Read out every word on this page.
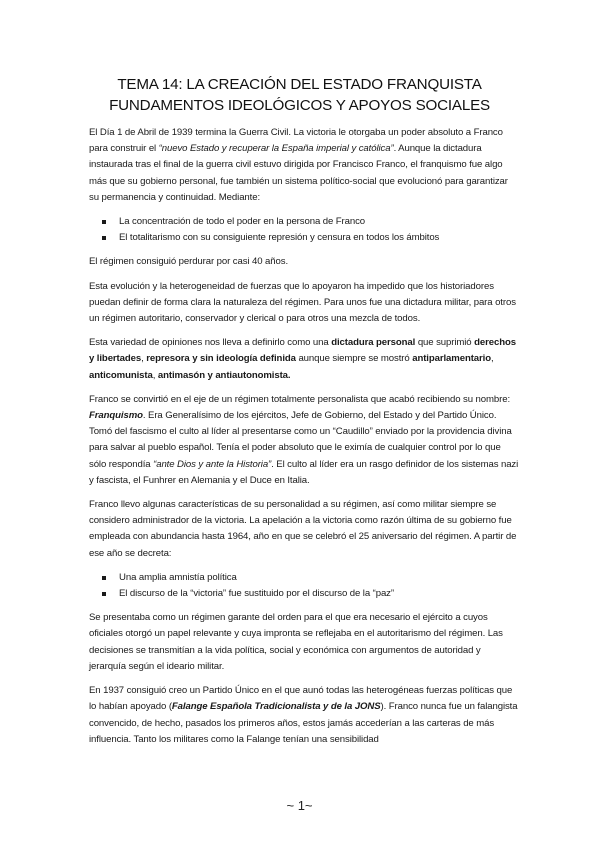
TEMA 14: LA CREACIÓN DEL ESTADO FRANQUISTA
FUNDAMENTOS IDEOLÓGICOS Y APOYOS SOCIALES

El Día 1 de Abril de 1939 termina la Guerra Civil. La victoria le otorgaba un poder absoluto a Franco para construir el “nuevo Estado y recuperar la España imperial y católica”. Aunque la dictadura instaurada tras el final de la guerra civil estuvo dirigida por Francisco Franco, el franquismo fue algo más que su gobierno personal, fue también un sistema político-social que evolucionó para garantizar su permanencia y continuidad. Mediante:

La concentración de todo el poder en la persona de Franco
El totalitarismo con su consiguiente represión y censura en todos los ámbitos

El régimen consiguió perdurar por casi 40 años.

Esta evolución y la heterogeneidad de fuerzas que lo apoyaron ha impedido que los historiadores puedan definir de forma clara la naturaleza del régimen. Para unos fue una dictadura militar, para otros un régimen autoritario, conservador y clerical o para otros una mezcla de todos.

Esta variedad de opiniones nos lleva a definirlo como una dictadura personal que suprimió derechos y libertades, represora y sin ideología definida aunque siempre se mostró antiparlamentario, anticomunista, antimasón y antiautonomista.

Franco se convirtió en el eje de un régimen totalmente personalista que acabó recibiendo su nombre: Franquismo. Era Generalísimo de los ejércitos, Jefe de Gobierno, del Estado y del Partido Único. Tomó del fascismo el culto al líder al presentarse como un “Caudillo” enviado por la providencia divina para salvar al pueblo español. Tenía el poder absoluto que le eximía de cualquier control por lo que sólo respondía “ante Dios y ante la Historia”. El culto al líder era un rasgo definidor de los sistemas nazi y fascista, el Funhrer en Alemania y el Duce en Italia.

Franco llevo algunas características de su personalidad a su régimen, así como militar siempre se considero administrador de la victoria. La apelación a la victoria como razón última de su gobierno fue empleada con abundancia hasta 1964, año en que se celebró el 25 aniversario del régimen. A partir de ese año se decreta:

Una amplia amnistía política
El discurso de la “victoria” fue sustituido por el discurso de la “paz”

Se presentaba como un régimen garante del orden para el que era necesario el ejército a cuyos oficiales otorgó un papel relevante y cuya impronta se reflejaba en el autoritarismo del régimen. Las decisiones se transmitían a la vida política, social y económica con argumentos de autoridad y jerarquía según el ideario militar.

En 1937 consiguió creo un Partido Único en el que aunó todas las heterogéneas fuerzas políticas que lo habían apoyado (Falange Española Tradicionalista y de la JONS). Franco nunca fue un falangista convencido, de hecho, pasados los primeros años, estos jamás accederían a las carteras de más influencia. Tanto los militares como la Falange tenían una sensibilidad

~ 1~
